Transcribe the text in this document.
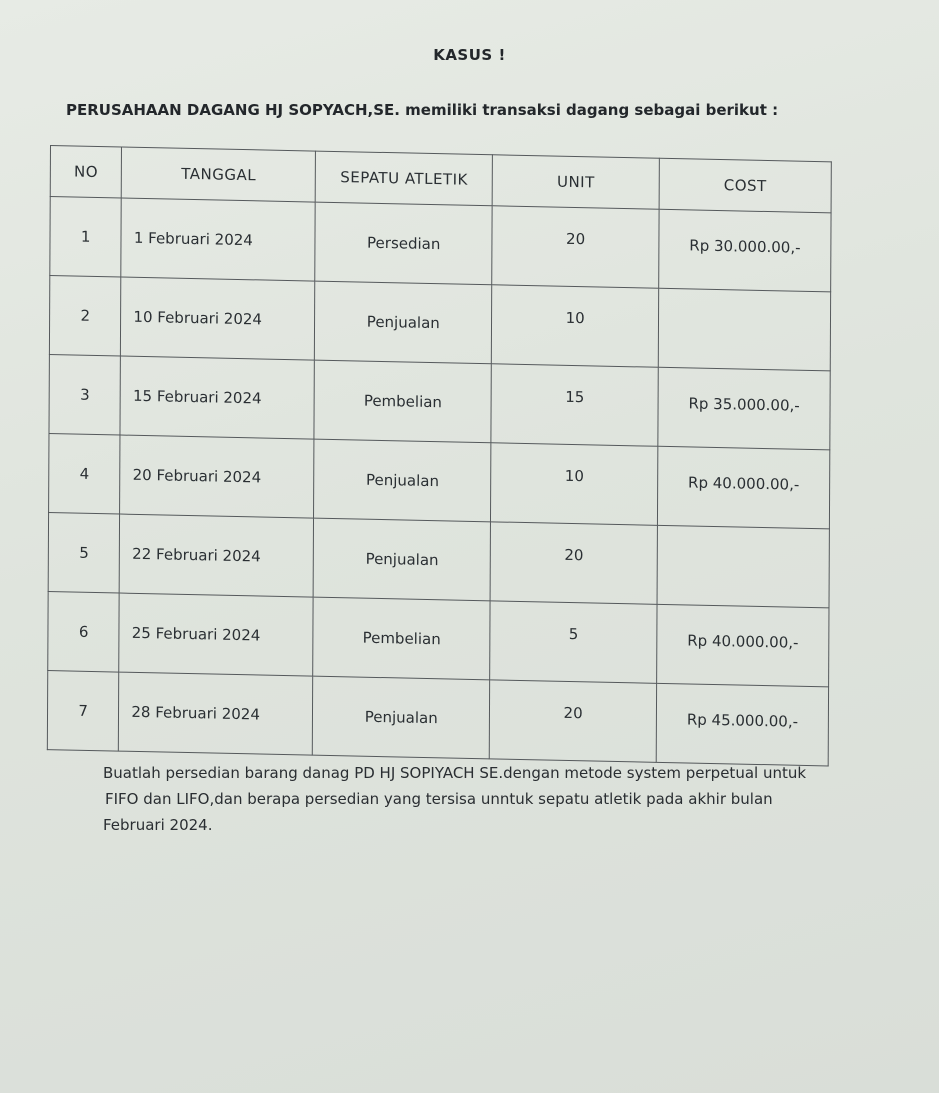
KASUS !
PERUSAHAAN DAGANG HJ SOPYACH,SE. memiliki transaksi dagang sebagai berikut :
NO	TANGGAL	SEPATU ATLETIK	UNIT	COST
1	1 Februari 2024	Persedian	20	Rp 30.000.00,-
2	10 Februari 2024	Penjualan	10	
3	15 Februari 2024	Pembelian	15	Rp 35.000.00,-
4	20 Februari 2024	Penjualan	10	Rp 40.000.00,-
5	22 Februari 2024	Penjualan	20	
6	25 Februari 2024	Pembelian	5	Rp 40.000.00,-
7	28 Februari 2024	Penjualan	20	Rp 45.000.00,-

Buatlah persedian barang danag PD HJ SOPIYACH SE.dengan metode system perpetual untuk

FIFO dan LIFO,dan berapa persedian yang tersisa unntuk sepatu atletik pada akhir bulan

Februari 2024.
